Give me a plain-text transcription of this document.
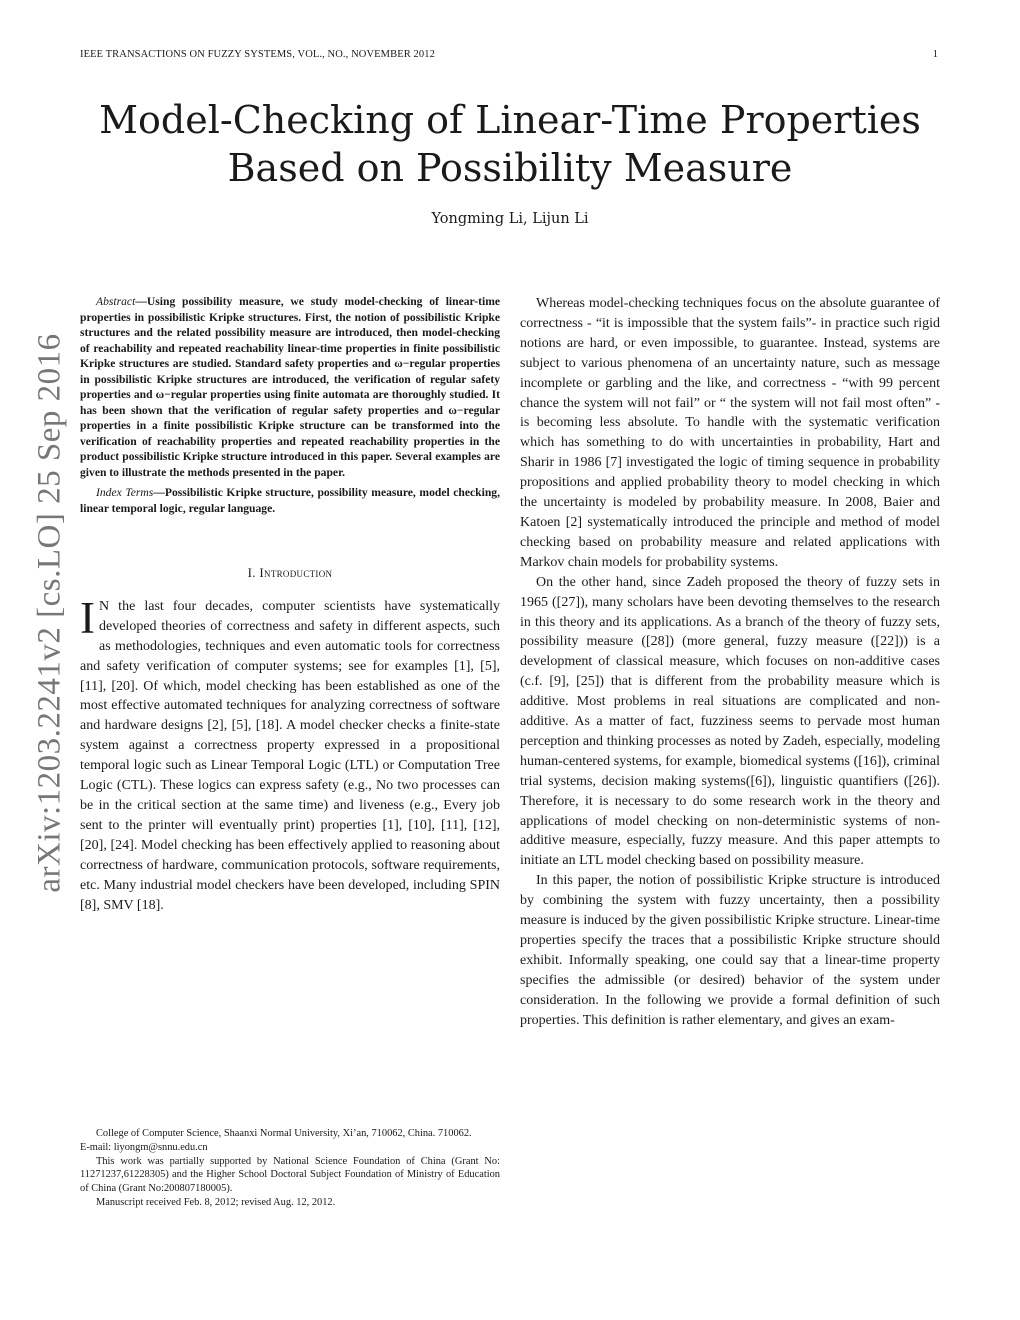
IEEE TRANSACTIONS ON FUZZY SYSTEMS, VOL., NO., NOVEMBER 2012	1
arXiv:1203.2241v2 [cs.LO] 25 Sep 2016
Model-Checking of Linear-Time Properties
Based on Possibility Measure
Yongming Li, Lijun Li
Abstract—Using possibility measure, we study model-checking of linear-time properties in possibilistic Kripke structures. First, the notion of possibilistic Kripke structures and the related possibility measure are introduced, then model-checking of reachability and repeated reachability linear-time properties in finite possibilistic Kripke structures are studied. Standard safety properties and ω−regular properties in possibilistic Kripke structures are introduced, the verification of regular safety properties and ω−regular properties using finite automata are thoroughly studied. It has been shown that the verification of regular safety properties and ω−regular properties in a finite possibilistic Kripke structure can be transformed into the verification of reachability properties and repeated reachability properties in the product possibilistic Kripke structure introduced in this paper. Several examples are given to illustrate the methods presented in the paper.
Index Terms—Possibilistic Kripke structure, possibility measure, model checking, linear temporal logic, regular language.
I. Introduction

I N the last four decades, computer scientists have systematically developed theories of correctness and safety in different aspects, such as methodologies, techniques and even automatic tools for correctness and safety verification of computer systems; see for examples [1], [5], [11], [20]. Of which, model checking has been established as one of the most effective automated techniques for analyzing correctness of software and hardware designs [2], [5], [18]. A model checker checks a finite-state system against a correctness property expressed in a propositional temporal logic such as Linear Temporal Logic (LTL) or Computation Tree Logic (CTL). These logics can express safety (e.g., No two processes can be in the critical section at the same time) and liveness (e.g., Every job sent to the printer will eventually print) properties [1], [10], [11], [12], [20], [24]. Model checking has been effectively applied to reasoning about correctness of hardware, communication protocols, software requirements, etc. Many industrial model checkers have been developed, including SPIN [8], SMV [18].

College of Computer Science, Shaanxi Normal University, Xi’an, 710062, China. 710062.

E-mail: liyongm@snnu.edu.cn

This work was partially supported by National Science Foundation of China (Grant No: 11271237,61228305) and the Higher School Doctoral Subject Foundation of Ministry of Education of China (Grant No:200807180005).

Manuscript received Feb. 8, 2012; revised Aug. 12, 2012.

Whereas model-checking techniques focus on the absolute guarantee of correctness - “it is impossible that the system fails”- in practice such rigid notions are hard, or even impossible, to guarantee. Instead, systems are subject to various phenomena of an uncertainty nature, such as message incomplete or garbling and the like, and correctness - “with 99 percent chance the system will not fail” or “ the system will not fail most often” - is becoming less absolute. To handle with the systematic verification which has something to do with uncertainties in probability, Hart and Sharir in 1986 [7] investigated the logic of timing sequence in probability propositions and applied probability theory to model checking in which the uncertainty is modeled by probability measure. In 2008, Baier and Katoen [2] systematically introduced the principle and method of model checking based on probability measure and related applications with Markov chain models for probability systems.

On the other hand, since Zadeh proposed the theory of fuzzy sets in 1965 ([27]), many scholars have been devoting themselves to the research in this theory and its applications. As a branch of the theory of fuzzy sets, possibility measure ([28]) (more general, fuzzy measure ([22])) is a development of classical measure, which focuses on non-additive cases (c.f. [9], [25]) that is different from the probability measure which is additive. Most problems in real situations are complicated and non-additive. As a matter of fact, fuzziness seems to pervade most human perception and thinking processes as noted by Zadeh, especially, modeling human-centered systems, for example, biomedical systems ([16]), criminal trial systems, decision making systems([6]), linguistic quantifiers ([26]). Therefore, it is necessary to do some research work in the theory and applications of model checking on non-deterministic systems of non-additive measure, especially, fuzzy measure. And this paper attempts to initiate an LTL model checking based on possibility measure.

In this paper, the notion of possibilistic Kripke structure is introduced by combining the system with fuzzy uncertainty, then a possibility measure is induced by the given possibilistic Kripke structure. Linear-time properties specify the traces that a possibilistic Kripke structure should exhibit. Informally speaking, one could say that a linear-time property specifies the admissible (or desired) behavior of the system under consideration. In the following we provide a formal definition of such properties. This definition is rather elementary, and gives an exam-
